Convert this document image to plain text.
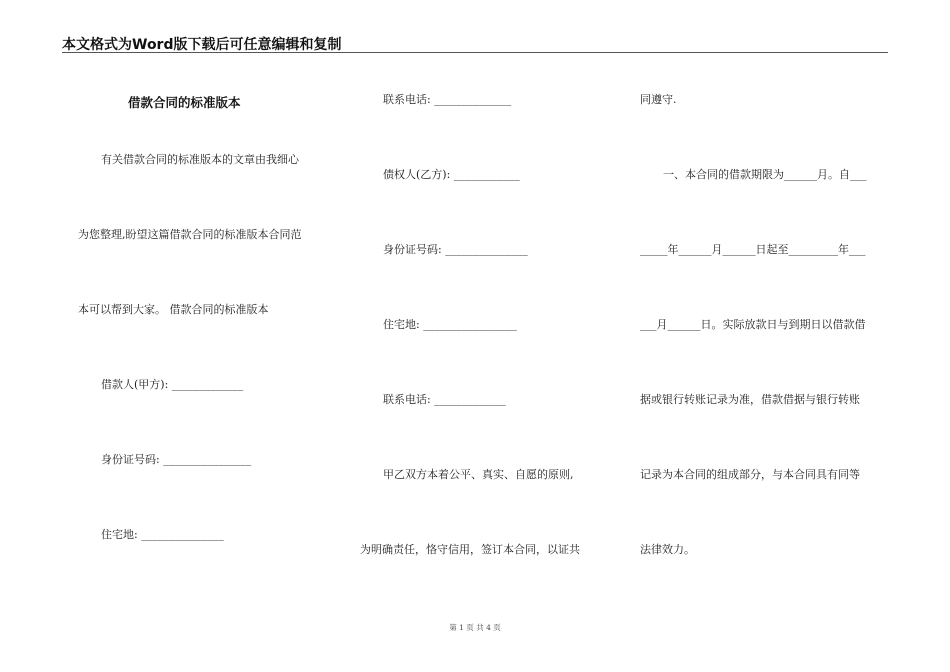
本文格式为Word版下载后可任意编辑和复制
借款合同的标准版本
有关借款合同的标准版本的文章由我细心
为您整理,盼望这篇借款合同的标准版本合同范
本可以帮到大家。 借款合同的标准版本
借款人(甲方): _____________
身份证号码: ________________
住宅地: _______________
联系电话: ______________
债权人(乙方): ____________
身份证号码: _______________
住宅地: _________________
联系电话: _____________
甲乙双方本着公平、真实、自愿的原则,
为明确责任，恪守信用，签订本合同，以证共
同遵守.
一、本合同的借款期限为______月。自___
_____年______月______日起至_________年___
___月______日。实际放款日与到期日以借款借
据或银行转账记录为准，借款借据与银行转账
记录为本合同的组成部分，与本合同具有同等
法律效力。
第 1 页 共 4 页
